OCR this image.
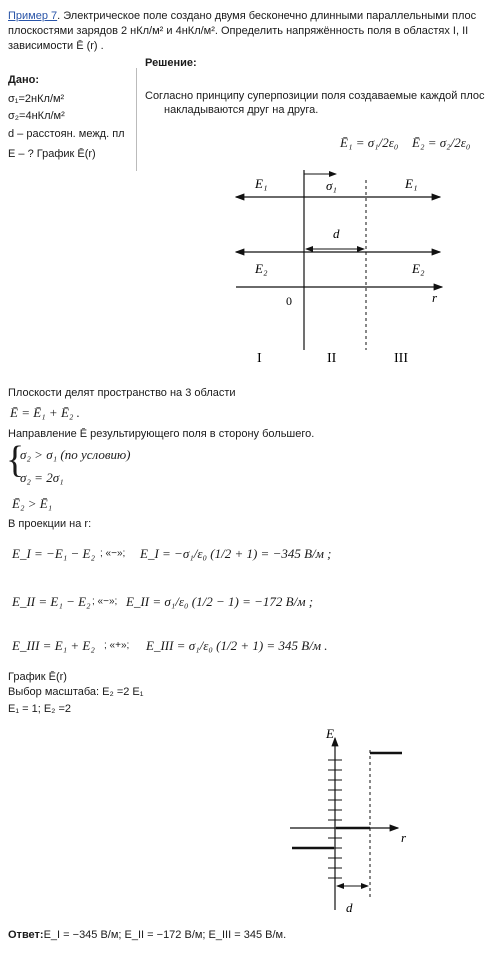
Пример 7. Электрическое поле создано двумя бесконечно длинными параллельными плос
плоскостями зарядов 2 нКл/м² и 4нКл/м². Определить напряжённость поля в областях I, II
зависимости Ē (r) .
Дано:
σ₁=2нКл/м²
σ₂=4нКл/м²
d – расстоян. межд. пл
Е – ? График Ē(r)
Решение:
Согласно принципу суперпозиции поля создаваемые каждой плос
накладываются друг на друга.
Ē₁ = σ₁/2ε₀ Ē₂ = σ₂/2ε₀
E₁	σ₁	E₁
d
E₂	E₂
0	r
I	II	III
Плоскости делят пространство на 3 области
Ē = Ē₁ + Ē₂ .
Направление Ē результирующего поля в сторону большего.
{
σ₂ > σ₁ (по условию)
σ₂ = 2σ₁
Ē₂ > Ē₁
В проекции на r:
E_I = −E₁ − E₂ ; «−»; E_I = −σ₁/ε₀ (1/2 + 1) = −345 В/м ;
E_II = E₁ − E₂ ; «−»; E_II = σ₁/ε₀ (1/2 − 1) = −172 В/м ;
E_III = E₁ + E₂ ; «+»; E_III = σ₁/ε₀ (1/2 + 1) = 345 В/м .
График Ē(r)
Выбор масштаба: E₂ =2 E₁
E₁ = 1; E₂ =2
E
r
d
Ответ:E_I = −345 В/м; E_II = −172 В/м; E_III = 345 В/м.
